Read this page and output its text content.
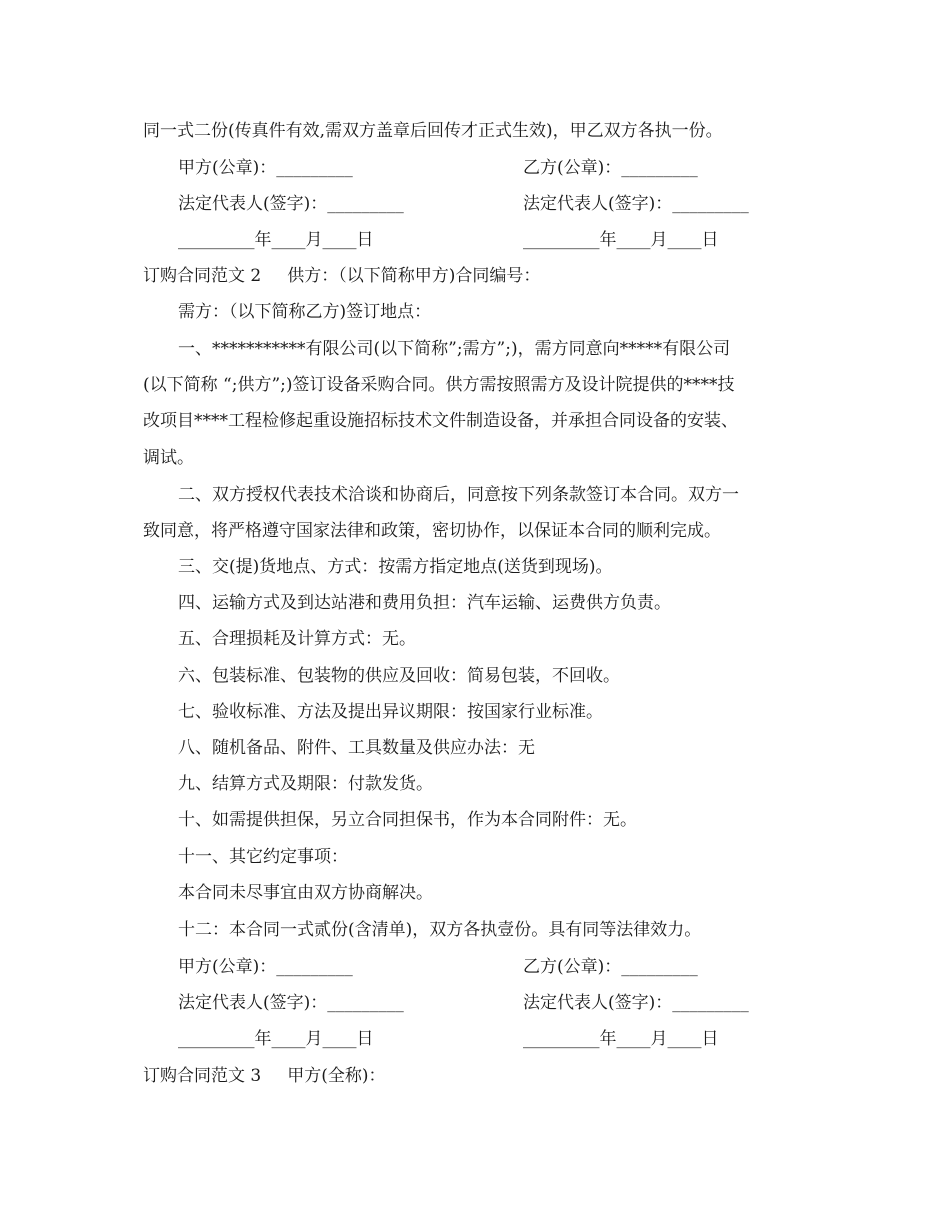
同一式二份(传真件有效,需双方盖章后回传才正式生效)，甲乙双方各执一份。
甲方(公章)：_________	乙方(公章)：_________
法定代表人(签字)：_________	法定代表人(签字)：_________
_________年____月____日	_________年____月____日
订购合同范文 2 供方：（以下简称甲方)合同编号：
需方：（以下简称乙方)签订地点：
一、***********有限公司(以下简称”;需方”;)，需方同意向*****有限公司
(以下简称 “;供方”;)签订设备采购合同。供方需按照需方及设计院提供的****技
改项目****工程检修起重设施招标技术文件制造设备，并承担合同设备的安装、
调试。
二、双方授权代表技术洽谈和协商后，同意按下列条款签订本合同。双方一
致同意，将严格遵守国家法律和政策，密切协作，以保证本合同的顺利完成。
三、交(提)货地点、方式：按需方指定地点(送货到现场)。
四、运输方式及到达站港和费用负担：汽车运输、运费供方负责。
五、合理损耗及计算方式：无。
六、包装标准、包装物的供应及回收：简易包装，不回收。
七、验收标准、方法及提出异议期限：按国家行业标准。
八、随机备品、附件、工具数量及供应办法：无
九、结算方式及期限：付款发货。
十、如需提供担保，另立合同担保书，作为本合同附件：无。
十一、其它约定事项：
本合同未尽事宜由双方协商解决。
十二：本合同一式贰份(含清单)，双方各执壹份。具有同等法律效力。
甲方(公章)：_________	乙方(公章)：_________
法定代表人(签字)：_________	法定代表人(签字)：_________
_________年____月____日	_________年____月____日
订购合同范文 3 甲方(全称)：
